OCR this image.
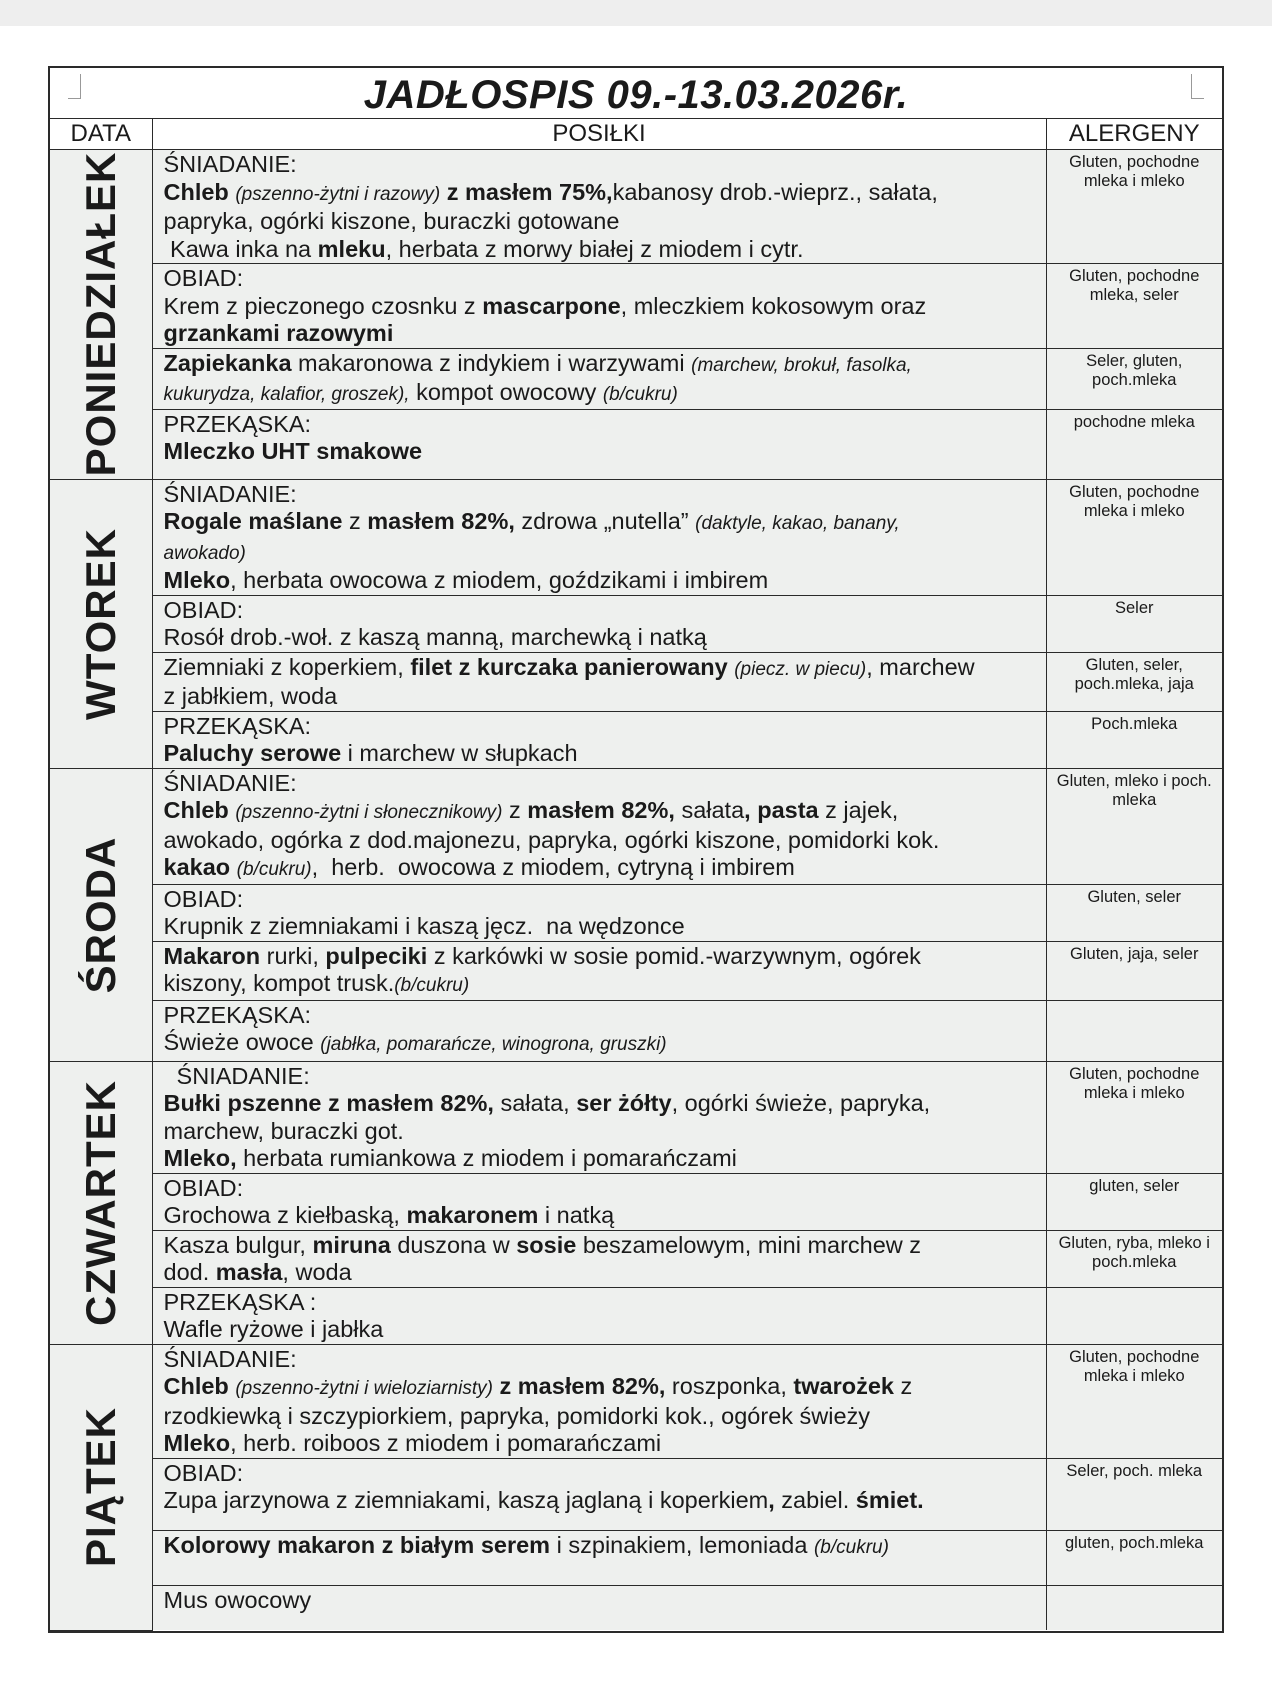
JADŁOSPIS 09.-13.03.2026r.
DATA	POSIŁKI	ALERGENY

PONIEDZIAŁEK	ŚNIADANIE:
Chleb (pszenno-żytni i razowy) z masłem 75%,kabanosy drob.-wieprz., sałata,
papryka, ogórki kiszone, buraczki gotowane
Kawa inka na mleku, herbata z morwy białej z miodem i cytr.	Gluten, pochodne mleka i mleko

	OBIAD:
Krem z pieczonego czosnku z mascarpone, mleczkiem kokosowym oraz
grzankami razowymi	Gluten, pochodne mleka, seler

	Zapiekanka makaronowa z indykiem i warzywami (marchew, brokuł, fasolka,
kukurydza, kalafior, groszek), kompot owocowy (b/cukru)	Seler, gluten, poch.mleka

	PRZEKĄSKA:
Mleczko UHT smakowe	pochodne mleka

WTOREK	ŚNIADANIE:
Rogale maślane z masłem 82%, zdrowa „nutella” (daktyle, kakao, banany,
awokado)
Mleko, herbata owocowa z miodem, goździkami i imbirem	Gluten, pochodne mleka i mleko

	OBIAD:
Rosół drob.-woł. z kaszą manną, marchewką i natką	Seler

	Ziemniaki z koperkiem, filet z kurczaka panierowany (piecz. w piecu), marchew
z jabłkiem, woda	Gluten, seler, poch.mleka, jaja

	PRZEKĄSKA:
Paluchy serowe i marchew w słupkach	Poch.mleka

ŚRODA	ŚNIADANIE:
Chleb (pszenno-żytni i słonecznikowy) z masłem 82%, sałata, pasta z jajek,
awokado, ogórka z dod.majonezu, papryka, ogórki kiszone, pomidorki kok.
kakao (b/cukru),  herb.  owocowa z miodem, cytryną i imbirem	Gluten, mleko i poch. mleka

	OBIAD:
Krupnik z ziemniakami i kaszą jęcz.  na wędzonce	Gluten, seler

	Makaron rurki, pulpeciki z karkówki w sosie pomid.-warzywnym, ogórek
kiszony, kompot trusk.(b/cukru)	Gluten, jaja, seler

	PRZEKĄSKA:
Świeże owoce (jabłka, pomarańcze, winogrona, gruszki)	

CZWARTEK	ŚNIADANIE:
Bułki pszenne z masłem 82%, sałata, ser żółty, ogórki świeże, papryka,
marchew, buraczki got.
Mleko, herbata rumiankowa z miodem i pomarańczami	Gluten, pochodne mleka i mleko

	OBIAD:
Grochowa z kiełbaską, makaronem i natką	gluten, seler

	Kasza bulgur, miruna duszona w sosie beszamelowym, mini marchew z
dod. masła, woda	Gluten, ryba, mleko i poch.mleka

	PRZEKĄSKA :
Wafle ryżowe i jabłka	

PIĄTEK	ŚNIADANIE:
Chleb (pszenno-żytni i wieloziarnisty) z masłem 82%, roszponka, twarożek z
rzodkiewką i szczypiorkiem, papryka, pomidorki kok., ogórek świeży
Mleko, herb. roiboos z miodem i pomarańczami	Gluten, pochodne mleka i mleko

	OBIAD:
Zupa jarzynowa z ziemniakami, kaszą jaglaną i koperkiem, zabiel. śmiet.	Seler, poch. mleka

	Kolorowy makaron z białym serem i szpinakiem, lemoniada (b/cukru)	gluten, poch.mleka

	Mus owocowy	
